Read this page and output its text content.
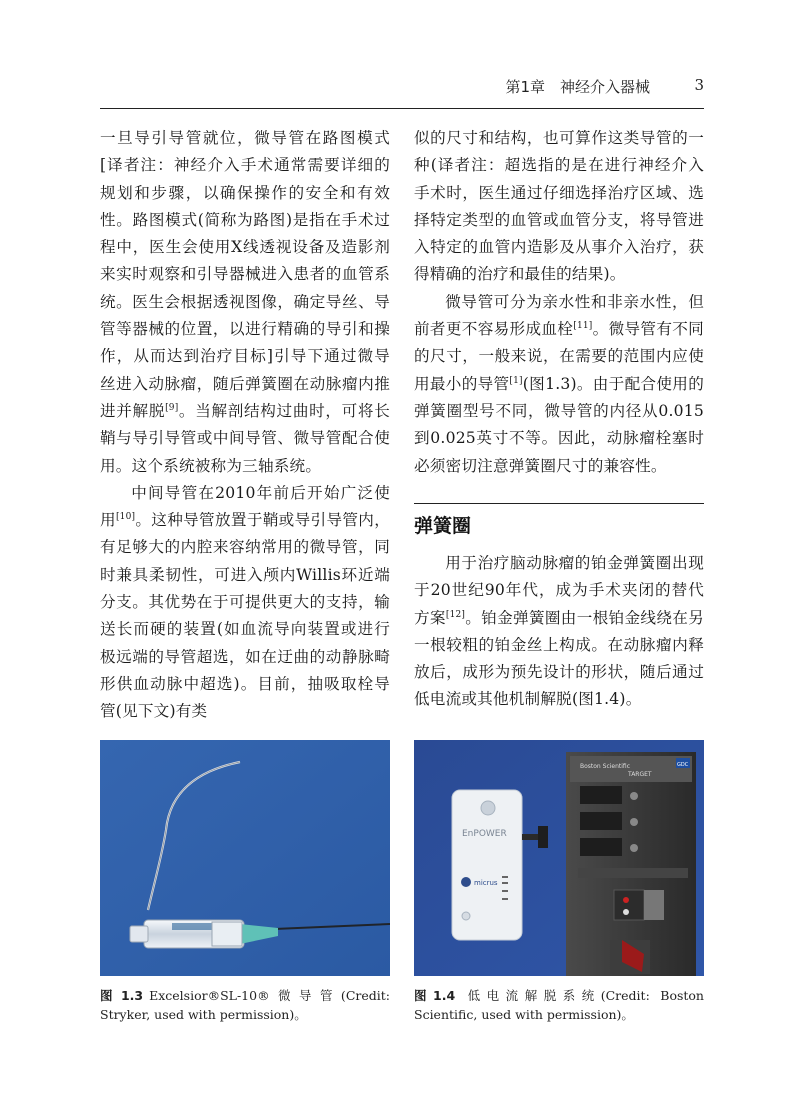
第1章　神经介入器械	3

一旦导引导管就位，微导管在路图模式[译者注：神经介入手术通常需要详细的规划和步骤，以确保操作的安全和有效性。路图模式(简称为路图)是指在手术过程中，医生会使用X线透视设备及造影剂来实时观察和引导器械进入患者的血管系统。医生会根据透视图像，确定导丝、导管等器械的位置，以进行精确的导引和操作，从而达到治疗目标]引导下通过微导丝进入动脉瘤，随后弹簧圈在动脉瘤内推进并解脱[9]。当解剖结构过曲时，可将长鞘与导引导管或中间导管、微导管配合使用。这个系统被称为三轴系统。

中间导管在2010年前后开始广泛使用[10]。这种导管放置于鞘或导引导管内，有足够大的内腔来容纳常用的微导管，同时兼具柔韧性，可进入颅内Willis环近端分支。其优势在于可提供更大的支持，输送长而硬的装置(如血流导向装置或进行极远端的导管超选，如在迂曲的动静脉畸形供血动脉中超选)。目前，抽吸取栓导管(见下文)有类

似的尺寸和结构，也可算作这类导管的一种(译者注：超选指的是在进行神经介入手术时，医生通过仔细选择治疗区域、选择特定类型的血管或血管分支，将导管进入特定的血管内造影及从事介入治疗，获得精确的治疗和最佳的结果)。

微导管可分为亲水性和非亲水性，但前者更不容易形成血栓[11]。微导管有不同的尺寸，一般来说，在需要的范围内应使用最小的导管[1](图1.3)。由于配合使用的弹簧圈型号不同，微导管的内径从0.015到0.025英寸不等。因此，动脉瘤栓塞时必须密切注意弹簧圈尺寸的兼容性。

弹簧圈

用于治疗脑动脉瘤的铂金弹簧圈出现于20世纪90年代，成为手术夹闭的替代方案[12]。铂金弹簧圈由一根铂金线绕在另一根较粗的铂金丝上构成。在动脉瘤内释放后，成形为预先设计的形状，随后通过低电流或其他机制解脱(图1.4)。

Boston Scientific
TARGET
GDC
EnPOWER
micrus
图1.3 Excelsior®SL-10®微导管(Credit: Stryker, used with permission)。
图1.4 低电流解脱系统(Credit: Boston Scientific, used with permission)。
